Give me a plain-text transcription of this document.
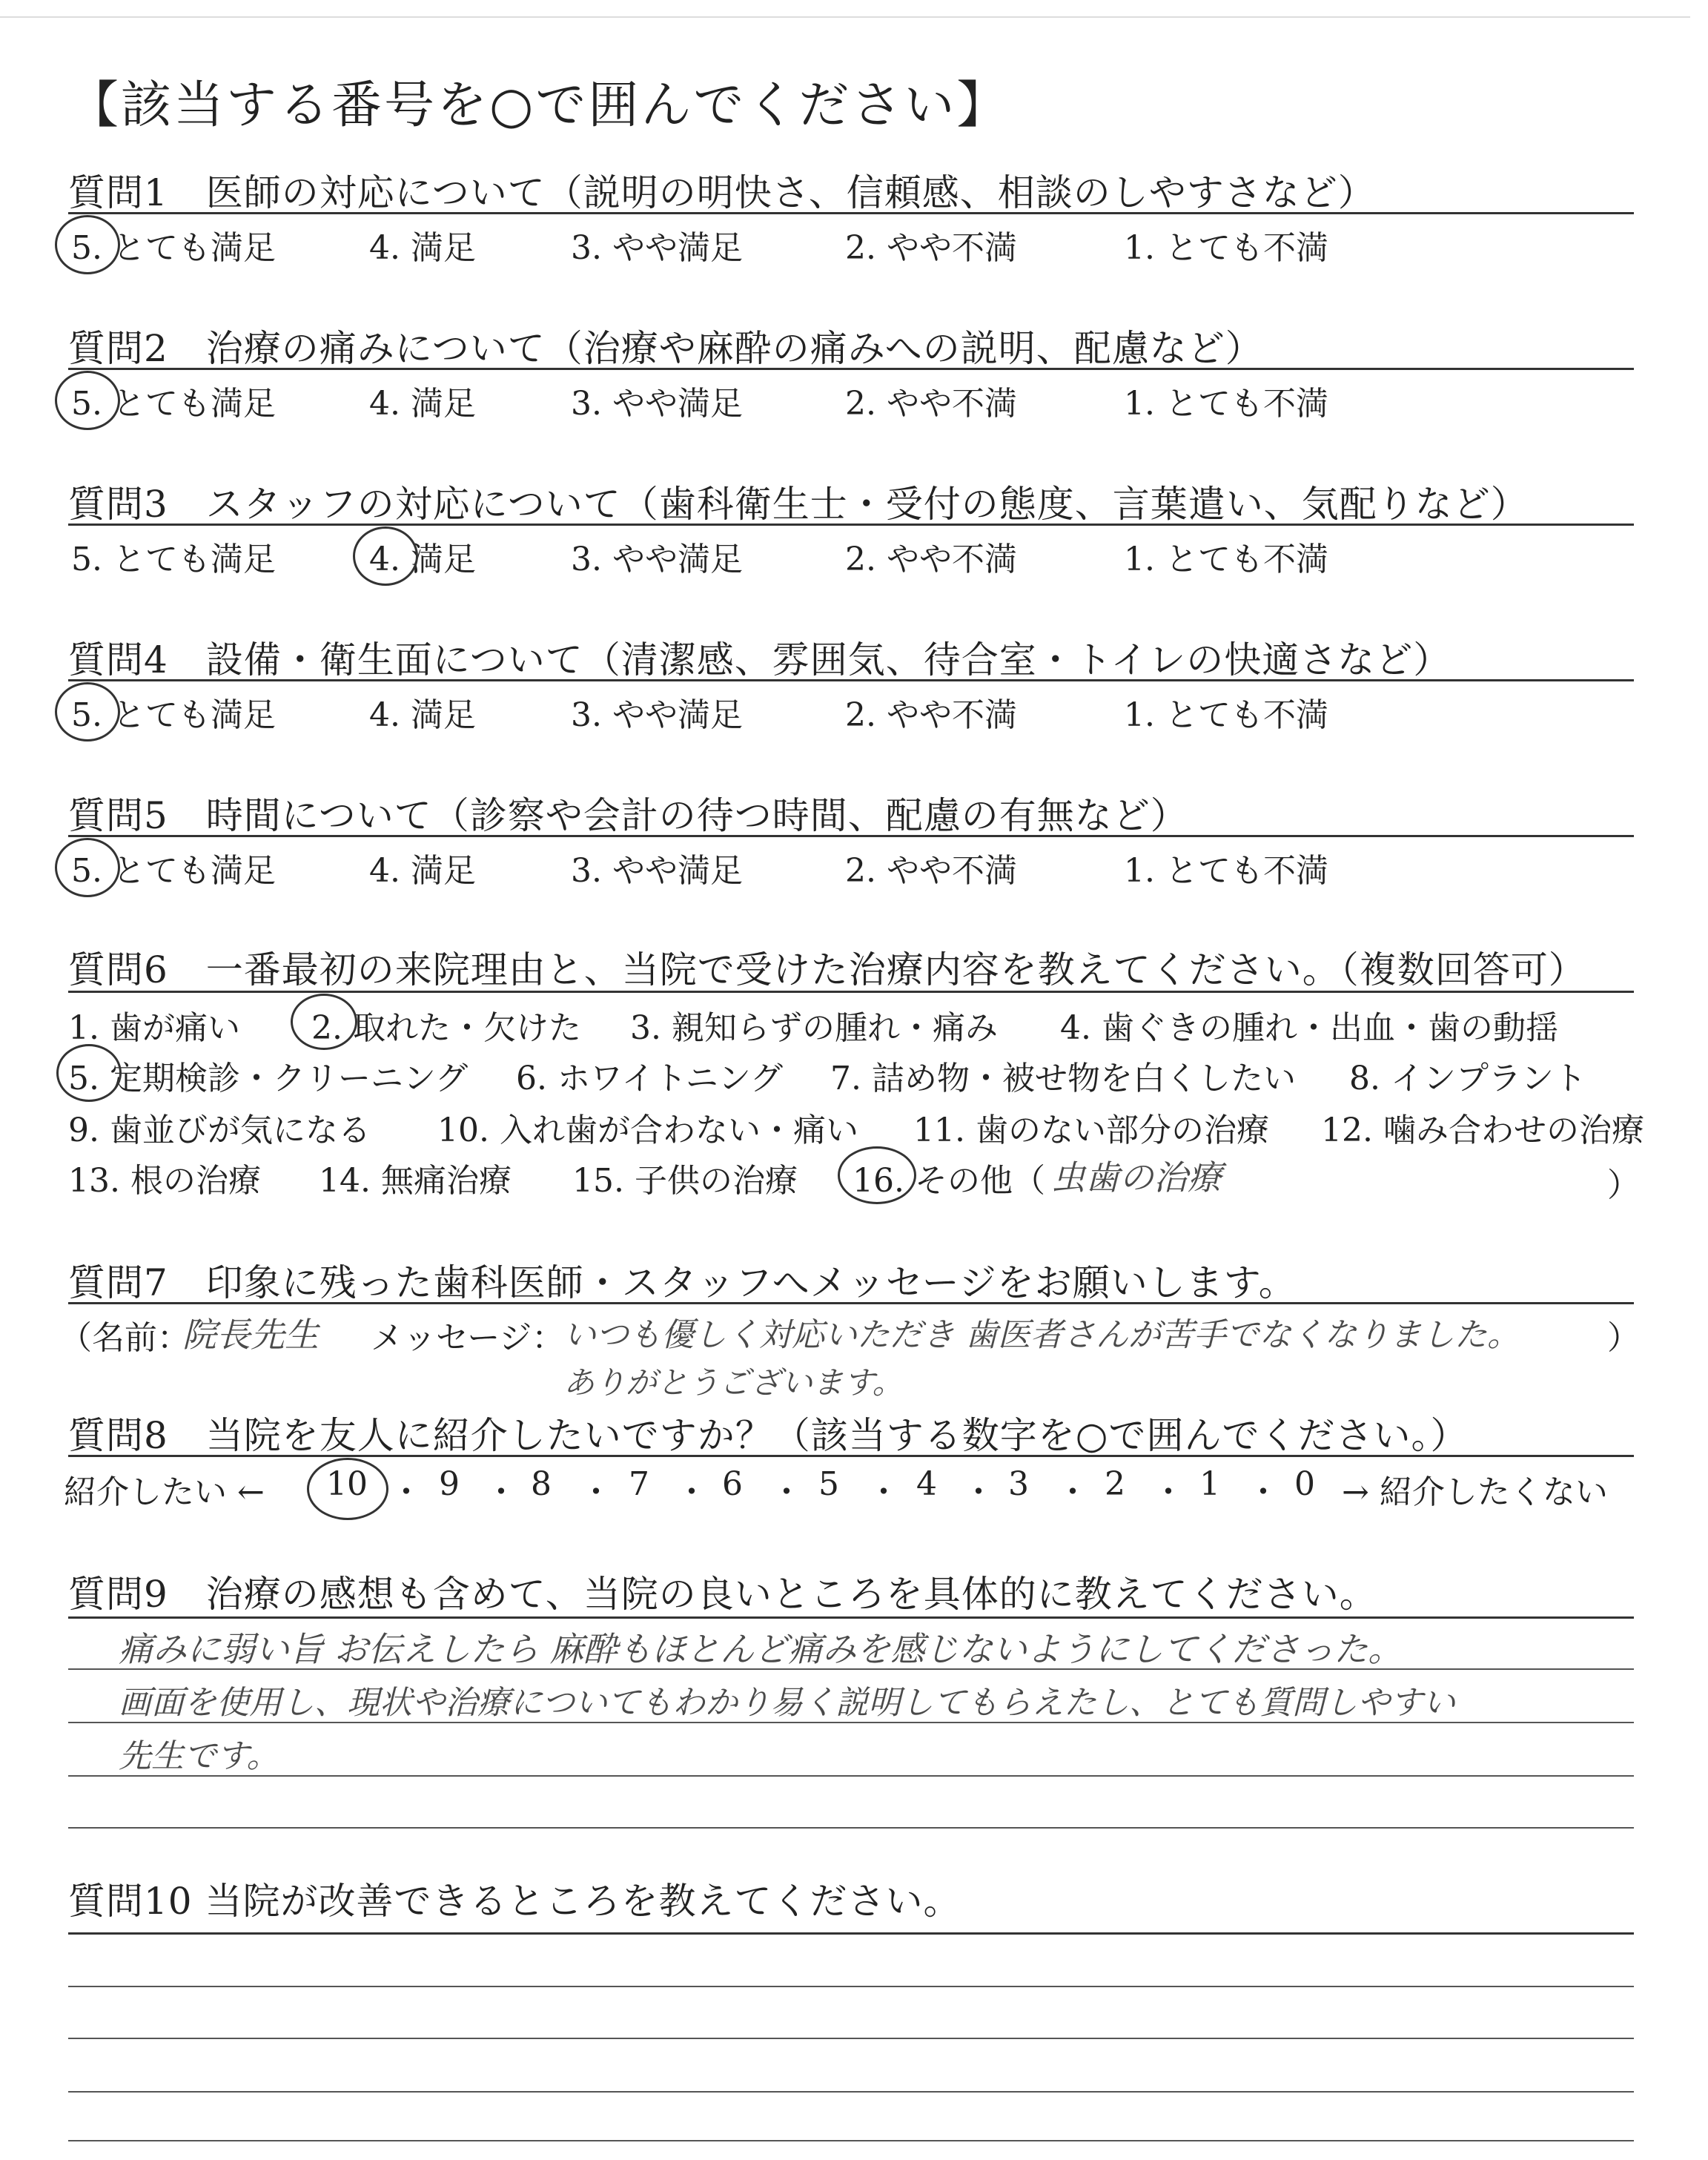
【該当する番号を○で囲んでください】
質問1　医師の対応について（説明の明快さ、信頼感、相談のしやすさなど）
5. とても満足	4. 満足	3. やや満足	2. やや不満	1. とても不満
質問2　治療の痛みについて（治療や麻酔の痛みへの説明、配慮など）
5. とても満足	4. 満足	3. やや満足	2. やや不満	1. とても不満
質問3　スタッフの対応について（歯科衛生士・受付の態度、言葉遣い、気配りなど）
5. とても満足	4. 満足	3. やや満足	2. やや不満	1. とても不満
質問4　設備・衛生面について（清潔感、雰囲気、待合室・トイレの快適さなど）
5. とても満足	4. 満足	3. やや満足	2. やや不満	1. とても不満
質問5　時間について（診察や会計の待つ時間、配慮の有無など）
5. とても満足	4. 満足	3. やや満足	2. やや不満	1. とても不満
質問6　一番最初の来院理由と、当院で受けた治療内容を教えてください。（複数回答可）
1. 歯が痛い 2. 取れた・欠けた 3. 親知らずの腫れ・痛み 4. 歯ぐきの腫れ・出血・歯の動揺
5. 定期検診・クリーニング 6. ホワイトニング 7. 詰め物・被せ物を白くしたい 8. インプラント
9. 歯並びが気になる 10. 入れ歯が合わない・痛い 11. 歯のない部分の治療 12. 噛み合わせの治療
13. 根の治療 14. 無痛治療 15. 子供の治療 16. その他（ 虫歯の治療	）
質問7　印象に残った歯科医師・スタッフへメッセージをお願いします。
（名前：
院長先生 メッセージ：
いつも優しく対応いただき 歯医者さんが苦手でなくなりました。
ありがとうございます。
）
質問8　当院を友人に紹介したいですか？（該当する数字を○で囲んでください。）
紹介したい ← 10 ・ 9 ・ 8 ・ 7 ・ 6 ・ 5 ・ 4 ・ 3 ・ 2 ・ 1 ・ 0 → 紹介したくない
質問9　治療の感想も含めて、当院の良いところを具体的に教えてください。
痛みに弱い旨 お伝えしたら 麻酔もほとんど痛みを感じないようにしてくださった。
画面を使用し、現状や治療についてもわかり易く説明してもらえたし、とても質問しやすい
先生です。
質問10 当院が改善できるところを教えてください。
